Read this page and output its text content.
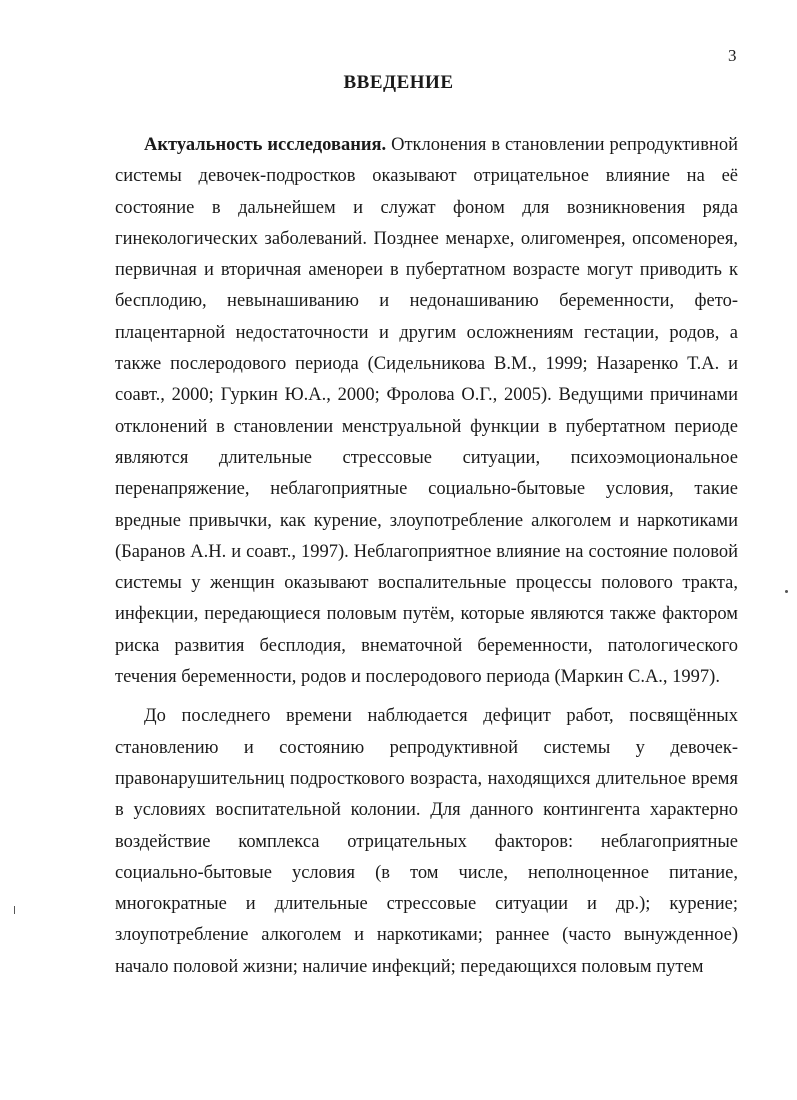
3
ВВЕДЕНИЕ

Актуальность исследования. Отклонения в становлении репродуктивной системы девочек-подростков оказывают отрицательное влияние на её состояние в дальнейшем и служат фоном для возникновения ряда гинекологических заболеваний. Позднее менархе, олигоменрея, опсоменорея, первичная и вторичная аменореи в пубертатном возрасте могут приводить к бесплодию, невынашиванию и недонашиванию беременности, фето-плацентарной недостаточности и другим осложнениям гестации, родов, а также послеродового периода (Сидельникова В.М., 1999; Назаренко Т.А. и соавт., 2000; Гуркин Ю.А., 2000; Фролова О.Г., 2005). Ведущими причинами отклонений в становлении менструальной функции в пубертатном периоде являются длительные стрессовые ситуации, психоэмоциональное перенапряжение, неблагоприятные социально-бытовые условия, такие вредные привычки, как курение, злоупотребление алкоголем и наркотиками (Баранов А.Н. и соавт., 1997). Неблагоприятное влияние на состояние половой системы у женщин оказывают воспалительные процессы полового тракта, инфекции, передающиеся половым путём, которые являются также фактором риска развития бесплодия, внематочной беременности, патологического течения беременности, родов и послеродового периода (Маркин С.А., 1997).

До последнего времени наблюдается дефицит работ, посвящённых становлению и состоянию репродуктивной системы у девочек-правонарушительниц подросткового возраста, находящихся длительное время в условиях воспитательной колонии. Для данного контингента характерно воздействие комплекса отрицательных факторов: неблагоприятные социально-бытовые условия (в том числе, неполноценное питание, многократные и длительные стрессовые ситуации и др.); курение; злоупотребление алкоголем и наркотиками; раннее (часто вынужденное) начало половой жизни; наличие инфекций; передающихся половым путем
